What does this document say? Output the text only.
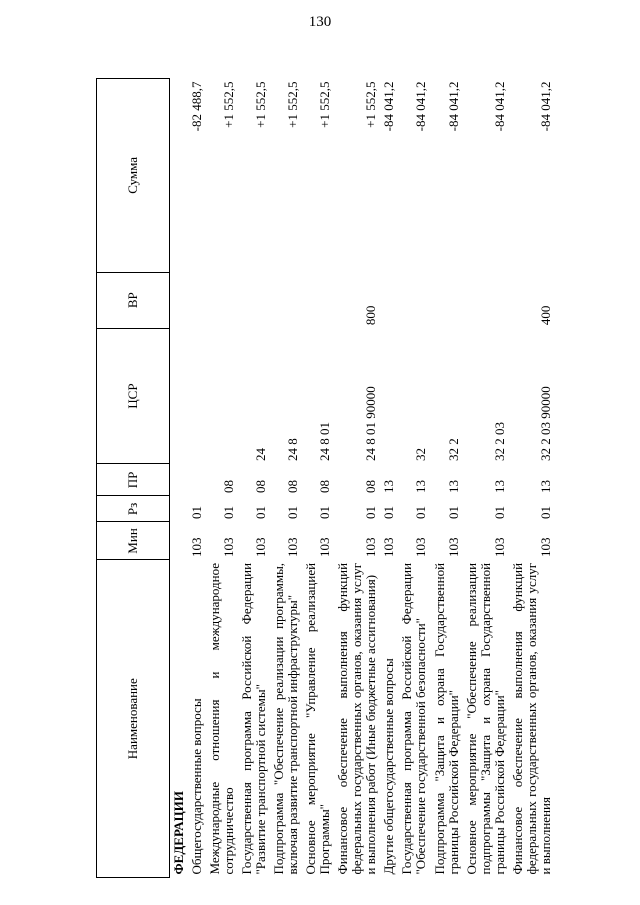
130
Наименование	Мин	Рз	ПР	ЦСР	ВР	Сумма
ФЕДЕРАЦИИ						
Общегосударственные вопросы	103	01				-82 488,7
Международные отношения и международное сотрудничество	103	01	08			+1 552,5
Государственная программа Российской Федерации "Развитие транспортной системы"	103	01	08	24		+1 552,5
Подпрограмма "Обеспечение реализации программы, включая развитие транспортной инфраструктуры"	103	01	08	24 8		+1 552,5
Основное мероприятие "Управление реализацией Программы"	103	01	08	24 8 01		+1 552,5
Финансовое обеспечение выполнения функций федеральных государственных органов, оказания услуг и выполнения работ (Иные бюджетные ассигнования)	103	01	08	24 8 01 90000	800	+1 552,5
Другие общегосударственные вопросы	103	01	13			-84 041,2
Государственная программа Российской Федерации "Обеспечение государственной безопасности"	103	01	13	32		-84 041,2
Подпрограмма "Защита и охрана Государственной границы Российской Федерации"	103	01	13	32 2		-84 041,2
Основное мероприятие "Обеспечение реализации подпрограммы "Защита и охрана Государственной границы Российской Федерации"	103	01	13	32 2 03		-84 041,2
Финансовое обеспечение выполнения функций федеральных государственных органов, оказания услуг и выполнения	103	01	13	32 2 03 90000	400	-84 041,2
